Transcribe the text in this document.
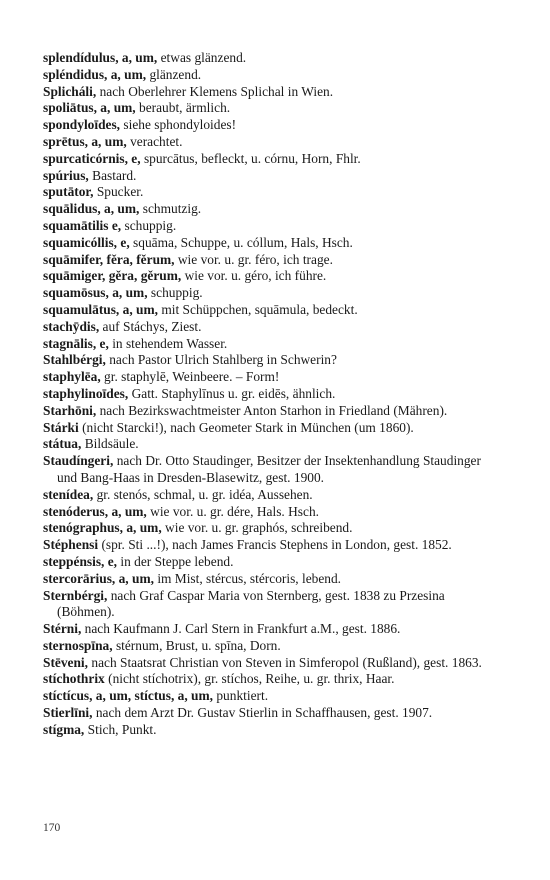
splendídulus, a, um, etwas glänzend.

spléndidus, a, um, glänzend.

Splicháli, nach Oberlehrer Klemens Splichal in Wien.

spoliātus, a, um, beraubt, ärmlich.

spondyloīdes, siehe sphondyloides!

sprētus, a, um, verachtet.

spurcaticórnis, e, spurcātus, befleckt, u. córnu, Horn, Fhlr.

spúrius, Bastard.

sputātor, Spucker.

squālidus, a, um, schmutzig.

squamātilis e, schuppig.

squamicóllis, e, squāma, Schuppe, u. cóllum, Hals, Hsch.

squāmifer, fěra, fěrum, wie vor. u. gr. féro, ich trage.

squāmiger, gěra, gěrum, wie vor. u. géro, ich führe.

squamōsus, a, um, schuppig.

squamulātus, a, um, mit Schüppchen, squāmula, bedeckt.

stachȳdis, auf Stáchys, Ziest.

stagnālis, e, in stehendem Wasser.

Stahlbérgi, nach Pastor Ulrich Stahlberg in Schwerin?

staphylēa, gr. staphylē, Weinbeere. – Form!

staphylinoīdes, Gatt. Staphylīnus u. gr. eidēs, ähnlich.

Starhōni, nach Bezirkswachtmeister Anton Starhon in Friedland (Mähren).

Stárki (nicht Starcki!), nach Geometer Stark in München (um 1860).

státua, Bildsäule.

Staudíngeri, nach Dr. Otto Staudinger, Besitzer der Insektenhandlung Staudinger und Bang-Haas in Dresden-Blasewitz, gest. 1900.

stenídea, gr. stenós, schmal, u. gr. idéa, Aussehen.

stenóderus, a, um, wie vor. u. gr. dére, Hals. Hsch.

stenógraphus, a, um, wie vor. u. gr. graphós, schreibend.

Stéphensi (spr. Sti ...!), nach James Francis Stephens in London, gest. 1852.

steppénsis, e, in der Steppe lebend.

stercorārius, a, um, im Mist, stércus, stércoris, lebend.

Sternbérgi, nach Graf Caspar Maria von Sternberg, gest. 1838 zu Przesina (Böhmen).

Stérni, nach Kaufmann J. Carl Stern in Frankfurt a.M., gest. 1886.

sternospīna, stérnum, Brust, u. spīna, Dorn.

Stēveni, nach Staatsrat Christian von Steven in Simferopol (Rußland), gest. 1863.

stíchothrix (nicht stíchotrix), gr. stíchos, Reihe, u. gr. thrix, Haar.

stíctícus, a, um, stíctus, a, um, punktiert.

Stierlīni, nach dem Arzt Dr. Gustav Stierlin in Schaffhausen, gest. 1907.

stígma, Stich, Punkt.

170
